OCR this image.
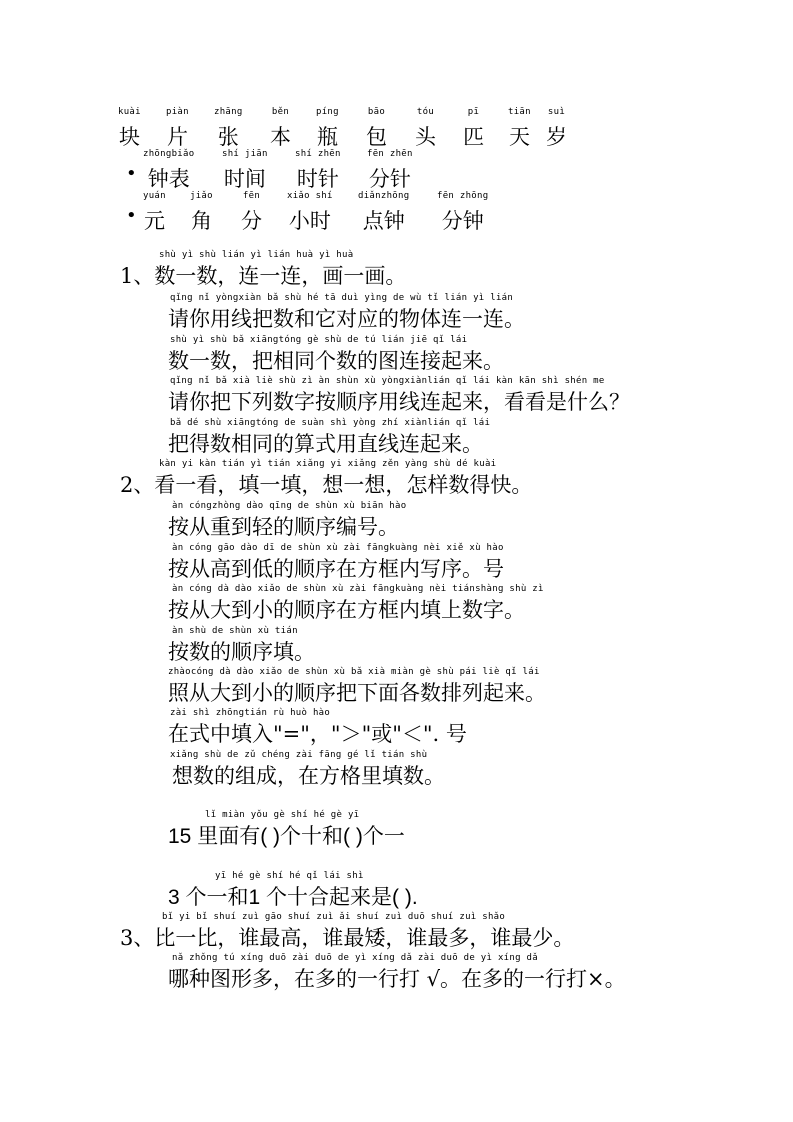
kuài
块
piàn
片
zhāng
张
běn
本
píng
瓶
bāo
包
tóu
头
pī
匹
tiān
天
suì
岁
•
zhōngbiǎo
钟表
shí jiān
时间
shí zhēn
时针
fēn zhēn
分针
•
yuán
元
jiǎo
角
fēn
分
xiǎo shí
小时
diǎnzhōng
点钟
fēn zhōng
分钟
shù yì shù lián yì lián huà yì huà
1、数一数，连一连，画一画。
qǐng nǐ yòngxiàn bǎ shù hé tā duì yìng de wù tǐ lián yì lián
请你用线把数和它对应的物体连一连。
shù yì shù bǎ xiāngtóng gè shù de tú lián jiē qǐ lái
数一数，把相同个数的图连接起来。
qǐng nǐ bǎ xià liè shù zì àn shùn xù yòngxiànlián qǐ lái kàn kān shì shén me
请你把下列数字按顺序用线连起来，看看是什么？
bǎ dé shù xiāngtóng de suàn shì yòng zhí xiànlián qǐ lái
把得数相同的算式用直线连起来。
kàn yi kàn tián yì tián xiǎng yi xiǎng zěn yàng shù dé kuài
2、看一看，填一填，想一想，怎样数得快。
àn cóngzhòng dào qīng de shùn xù biān hào
按从重到轻的顺序编号。
àn cóng gāo dào dī de shùn xù zài fāngkuàng nèi xiě xù hào
按从高到低的顺序在方框内写序。号
àn cóng dà dào xiǎo de shùn xù zài fāngkuàng nèi tiánshàng shù zì
按从大到小的顺序在方框内填上数字。
àn shù de shùn xù tián
按数的顺序填。
zhàocóng dà dào xiǎo de shùn xù bǎ xià miàn gè shù pái liè qǐ lái
照从大到小的顺序把下面各数排列起来。
zài shì zhōngtián rù huò hào
在式中填入"="，"＞"或"＜". 号
xiǎng shù de zǔ chéng zài fāng gé lǐ tián shù
想数的组成，在方格里填数。
lǐ miàn yǒu gè shí hé gè yī
15 里面有( )个十和( )个一
yī hé gè shí hé qǐ lái shì
3 个一和1 个十合起来是( ).
bǐ yi bǐ shuí zuì gāo shuí zuì ǎi shuí zuì duō shuí zuì shǎo
3、比一比，谁最高，谁最矮，谁最多，谁最少。
nǎ zhǒng tú xíng duō zài duō de yì xíng dǎ zài duō de yì xíng dǎ
哪种图形多，在多的一行打 √。在多的一行打×。
